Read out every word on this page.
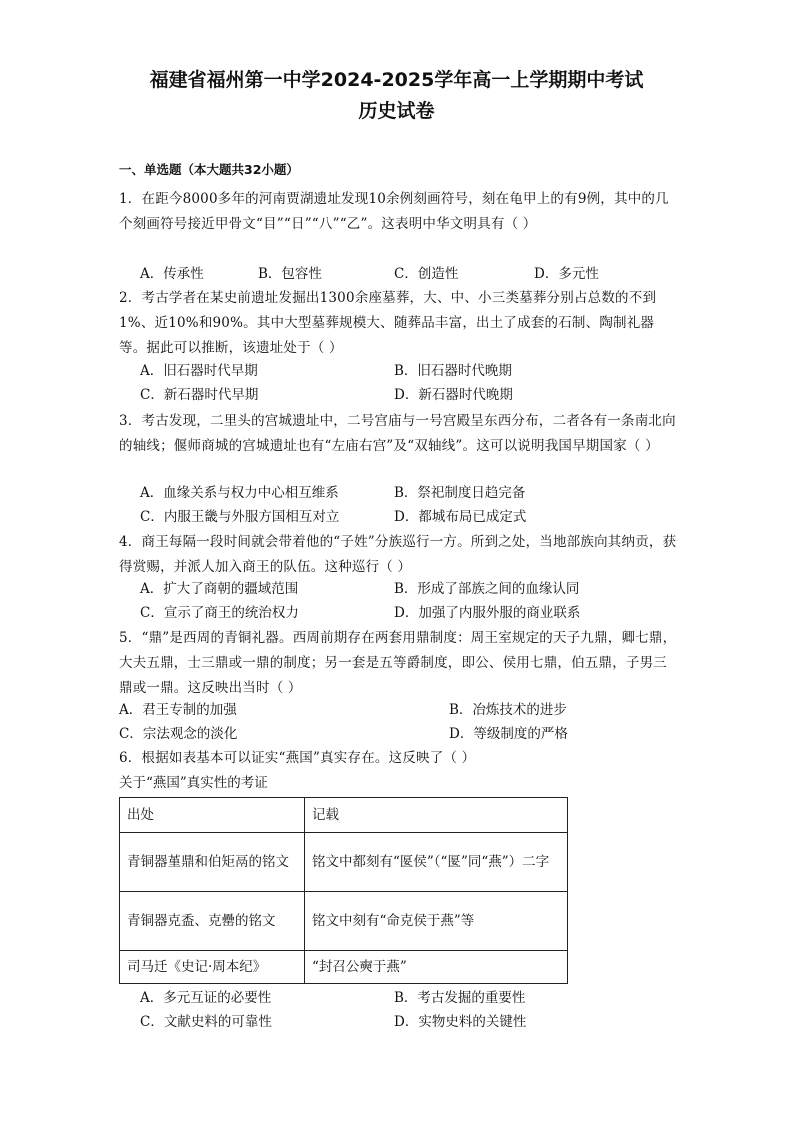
福建省福州第一中学2024-2025学年高一上学期期中考试
历史试卷
一、单选题（本大题共32小题）
1．在距今8000多年的河南贾湖遗址发现10余例刻画符号，刻在龟甲上的有9例，其中的几个刻画符号接近甲骨文“目”“日”“八”“乙”。这表明中华文明具有（ ）
A．传承性	B．包容性	C．创造性	D．多元性
2．考古学者在某史前遗址发掘出1300余座墓葬，大、中、小三类墓葬分别占总数的不到1%、近10%和90%。其中大型墓葬规模大、随葬品丰富，出土了成套的石制、陶制礼器等。据此可以推断，该遗址处于（ ）
A．旧石器时代早期	B．旧石器时代晚期
C．新石器时代早期	D．新石器时代晚期
3．考古发现，二里头的宫城遗址中，二号宫庙与一号宫殿呈东西分布，二者各有一条南北向的轴线；偃师商城的宫城遗址也有“左庙右宫”及“双轴线”。这可以说明我国早期国家（ ）
A．血缘关系与权力中心相互维系	B．祭祀制度日趋完备
C．内服王畿与外服方国相互对立	D．都城布局已成定式
4．商王每隔一段时间就会带着他的“子姓”分族巡行一方。所到之处，当地部族向其纳贡，获得赏赐，并派人加入商王的队伍。这种巡行（ ）
A．扩大了商朝的疆域范围	B．形成了部族之间的血缘认同
C．宣示了商王的统治权力	D．加强了内服外服的商业联系
5．“鼎”是西周的青铜礼器。西周前期存在两套用鼎制度：周王室规定的天子九鼎，卿七鼎，大夫五鼎，士三鼎或一鼎的制度；另一套是五等爵制度，即公、侯用七鼎，伯五鼎，子男三鼎或一鼎。这反映出当时（ ）
A．君王专制的加强	B．冶炼技术的进步
C．宗法观念的淡化	D．等级制度的严格
6．根据如表基本可以证实“燕国”真实存在。这反映了（ ）
关于“燕国”真实性的考证
出处	记载
青铜器堇鼎和伯矩鬲的铭文	铭文中都刻有“匽侯”（“匽”同“燕”）二字
青铜器克盉、克罍的铭文	铭文中刻有“命克侯于燕”等
司马迁《史记·周本纪》	“封召公奭于燕”
A．多元互证的必要性	B．考古发掘的重要性
C．文献史料的可靠性	D．实物史料的关键性
